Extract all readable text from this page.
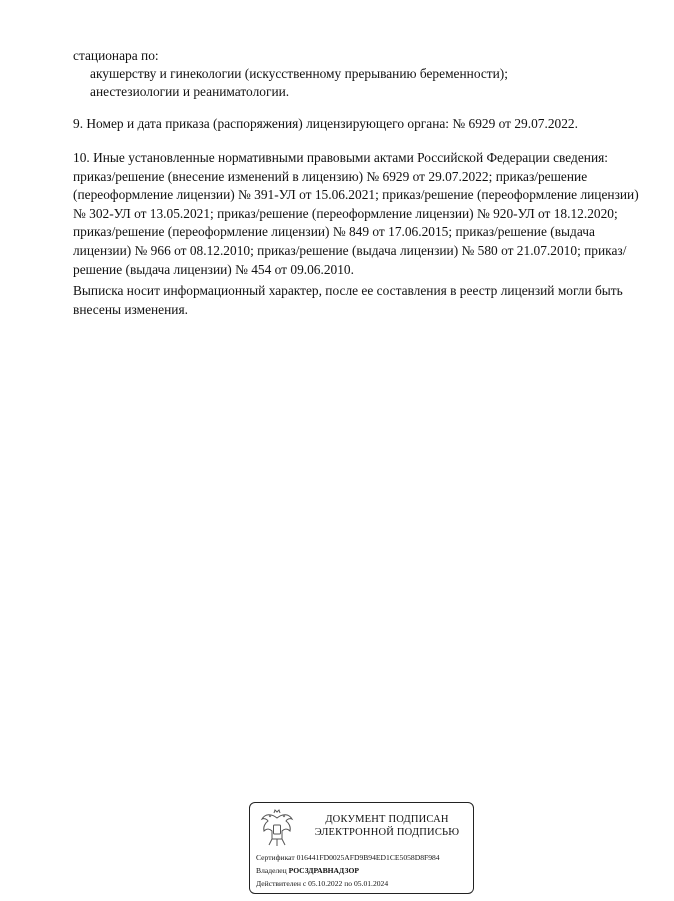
стационара по:
акушерству и гинекологии (искусственному прерыванию беременности);
анестезиологии и реаниматологии.
9. Номер и дата приказа (распоряжения) лицензирующего органа: № 6929 от 29.07.2022.
10. Иные установленные нормативными правовыми актами Российской Федерации сведения: приказ/решение (внесение изменений в лицензию) № 6929 от 29.07.2022; приказ/решение (переоформление лицензии) № 391-УЛ от 15.06.2021; приказ/решение (переоформление лицензии) № 302-УЛ от 13.05.2021; приказ/решение (переоформление лицензии) № 920-УЛ от 18.12.2020; приказ/решение (переоформление лицензии) № 849 от 17.06.2015; приказ/решение (выдача лицензии) № 966 от 08.12.2010; приказ/решение (выдача лицензии) № 580 от 21.07.2010; приказ/решение (выдача лицензии) № 454 от 09.06.2010.
Выписка носит информационный характер, после ее составления в реестр лицензий могли быть внесены изменения.
ДОКУМЕНТ ПОДПИСАН
ЭЛЕКТРОННОЙ ПОДПИСЬЮ
Сертификат 016441FD0025AFD9B94ED1CE5058D8F984
Владелец РОСЗДРАВНАДЗОР
Действителен с 05.10.2022 по 05.01.2024
